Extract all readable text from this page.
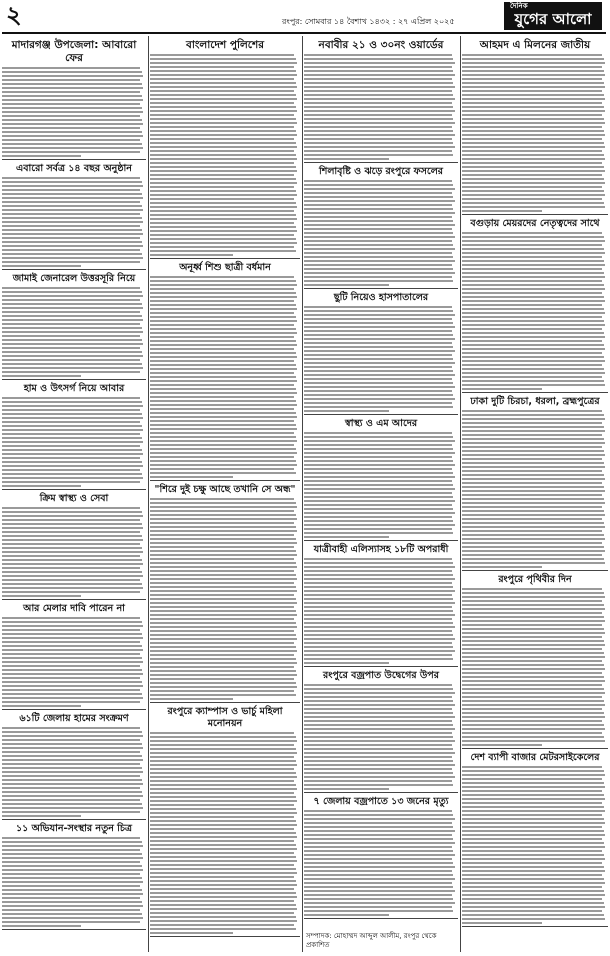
২	রংপুর: সোমবার ১৪ বৈশাখ ১৪৩২ : ২৭ এপ্রিল ২০২৫
দৈনিক
যুগের আলো
মাদারগঞ্জ উপজেলা: আবারো ফের
এবারো সর্বত্র ১৪ বছর অনুষ্ঠান
জামাই জেনারেল উত্তরসূরি নিয়ে
হাম ও উৎসর্গ নিয়ে আবার
ক্রিম স্বাস্থ্য ও সেবা
আর মেলার দাবি পারেন না
৬১টি জেলায় হামের সংক্রমণ
১১ অভিযান-সংস্থার নতুন চিত্র
বাংলাদেশ পুলিশের
অনূর্ধ্ব শিশু ছাত্রী বর্ধমান
"শিরে দুই চক্ষু আছে তখানি সে অন্ধ"
রংপুরে ক্যাম্পাস ও ভার্চু মহিলা মনোনয়ন
নবাবীর ২১ ও ৩০নং ওয়ার্ডের
শিলাবৃষ্টি ও ঝড়ে রংপুরে ফসলের
ছুটি নিয়েও হাসপাতালের
স্বাস্থ্য ও এম আদের
যাত্রীবাহী এলিস্যাসহ ১৮টি অপরাধী
রংপুরে বজ্রপাত উদ্বেগের উপর
৭ জেলায় বজ্রপাতে ১৩ জনের মৃত্যু
আহমদ এ মিলনের জাতীয়
বগুড়ায় মেয়রদের নেতৃত্বদের সাথে
ঢাকা দুটি চিরচা, ধরলা, ব্রহ্মপুত্রের
রংপুরে পৃথিবীর দিন
দেশ ব্যাপী বাজার মেটরসাইকেলের
সম্পাদক: মোহাম্মদ আব্দুল আলীম, রংপুর থেকে প্রকাশিত
